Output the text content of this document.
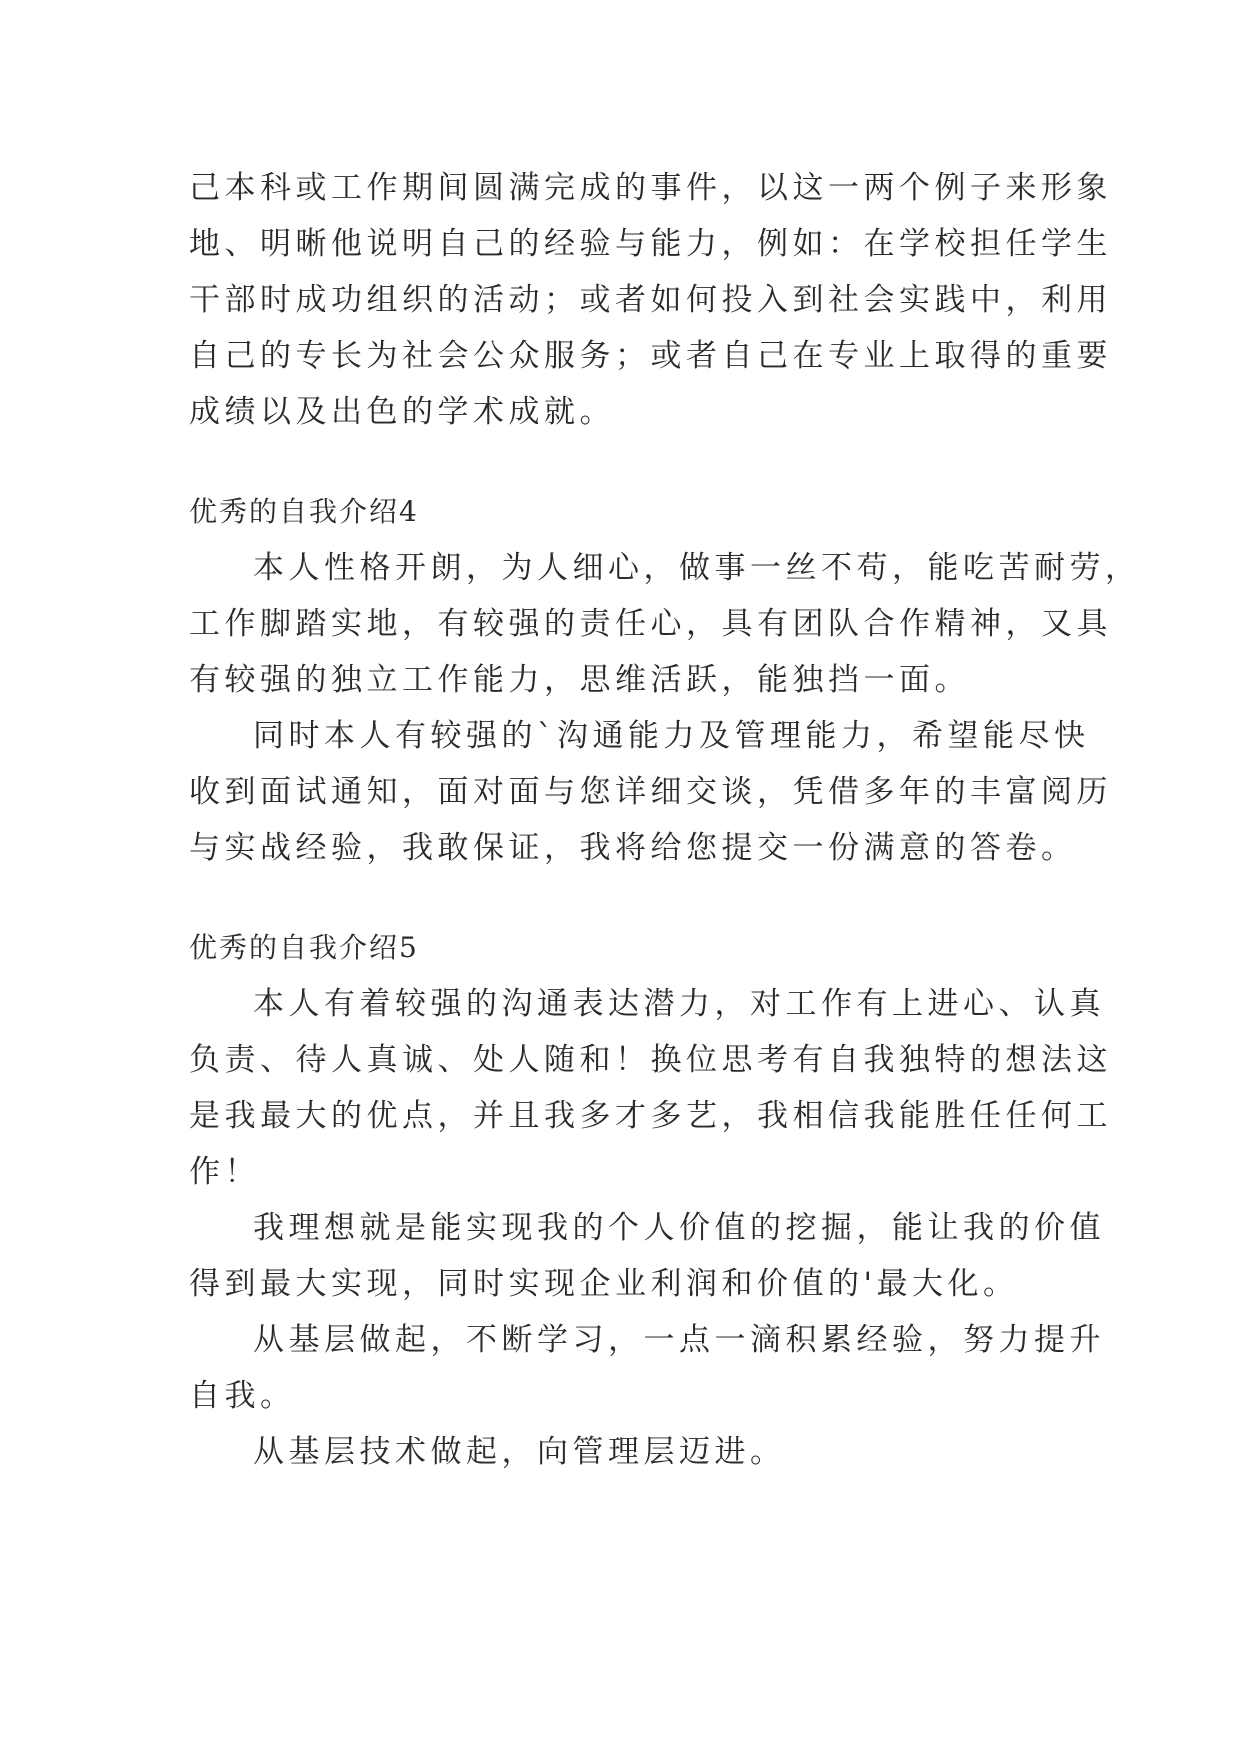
己本科或工作期间圆满完成的事件，以这一两个例子来形象
地、明晰他说明自己的经验与能力，例如：在学校担任学生
干部时成功组织的活动；或者如何投入到社会实践中，利用
自己的专长为社会公众服务；或者自己在专业上取得的重要
成绩以及出色的学术成就。
优秀的自我介绍4
本人性格开朗，为人细心，做事一丝不苟，能吃苦耐劳，
工作脚踏实地，有较强的责任心，具有团队合作精神，又具
有较强的独立工作能力，思维活跃，能独挡一面。
同时本人有较强的`沟通能力及管理能力，希望能尽快
收到面试通知，面对面与您详细交谈，凭借多年的丰富阅历
与实战经验，我敢保证，我将给您提交一份满意的答卷。
优秀的自我介绍5
本人有着较强的沟通表达潜力，对工作有上进心、认真
负责、待人真诚、处人随和！换位思考有自我独特的想法这
是我最大的优点，并且我多才多艺，我相信我能胜任任何工
作！
我理想就是能实现我的个人价值的挖掘，能让我的价值
得到最大实现，同时实现企业利润和价值的'最大化。
从基层做起，不断学习，一点一滴积累经验，努力提升
自我。
从基层技术做起，向管理层迈进。
